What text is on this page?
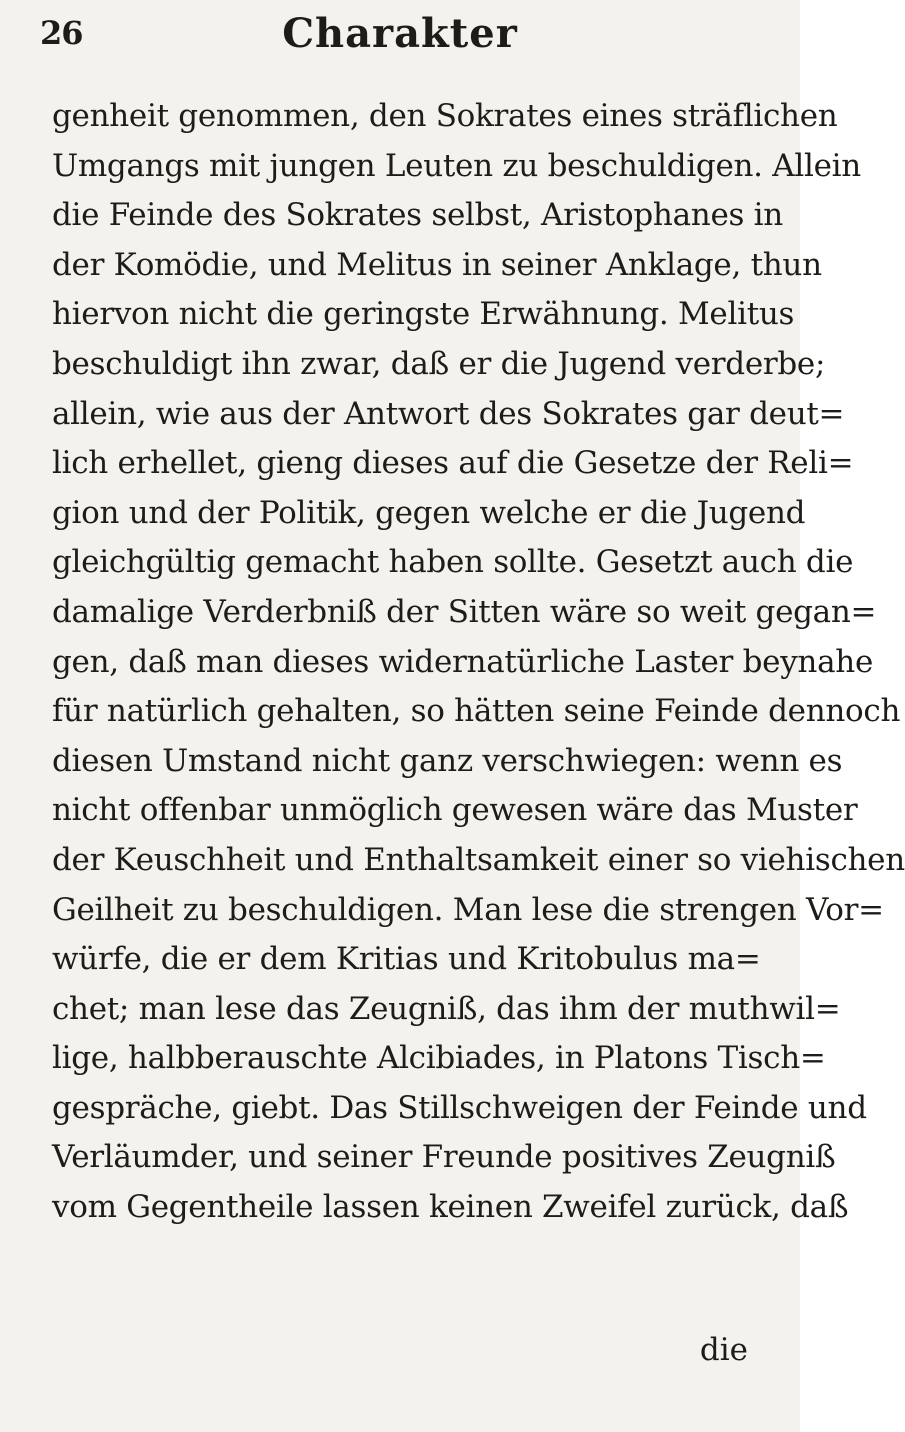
26	Charakter
genheit genommen, den Sokrates eines sträflichen
Umgangs mit jungen Leuten zu beschuldigen. Allein
die Feinde des Sokrates selbst, Aristophanes in
der Komödie, und Melitus in seiner Anklage, thun
hiervon nicht die geringste Erwähnung. Melitus
beschuldigt ihn zwar, daß er die Jugend verderbe;
allein, wie aus der Antwort des Sokrates gar deut=
lich erhellet, gieng dieses auf die Gesetze der Reli=
gion und der Politik, gegen welche er die Jugend
gleichgültig gemacht haben sollte. Gesetzt auch die
damalige Verderbniß der Sitten wäre so weit gegan=
gen, daß man dieses widernatürliche Laster beynahe
für natürlich gehalten, so hätten seine Feinde dennoch
diesen Umstand nicht ganz verschwiegen: wenn es
nicht offenbar unmöglich gewesen wäre das Muster
der Keuschheit und Enthaltsamkeit einer so viehischen
Geilheit zu beschuldigen. Man lese die strengen Vor=
würfe, die er dem Kritias und Kritobulus ma=
chet; man lese das Zeugniß, das ihm der muthwil=
lige, halbberauschte Alcibiades, in Platons Tisch=
gespräche, giebt. Das Stillschweigen der Feinde und
Verläumder, und seiner Freunde positives Zeugniß
vom Gegentheile lassen keinen Zweifel zurück, daß
die
